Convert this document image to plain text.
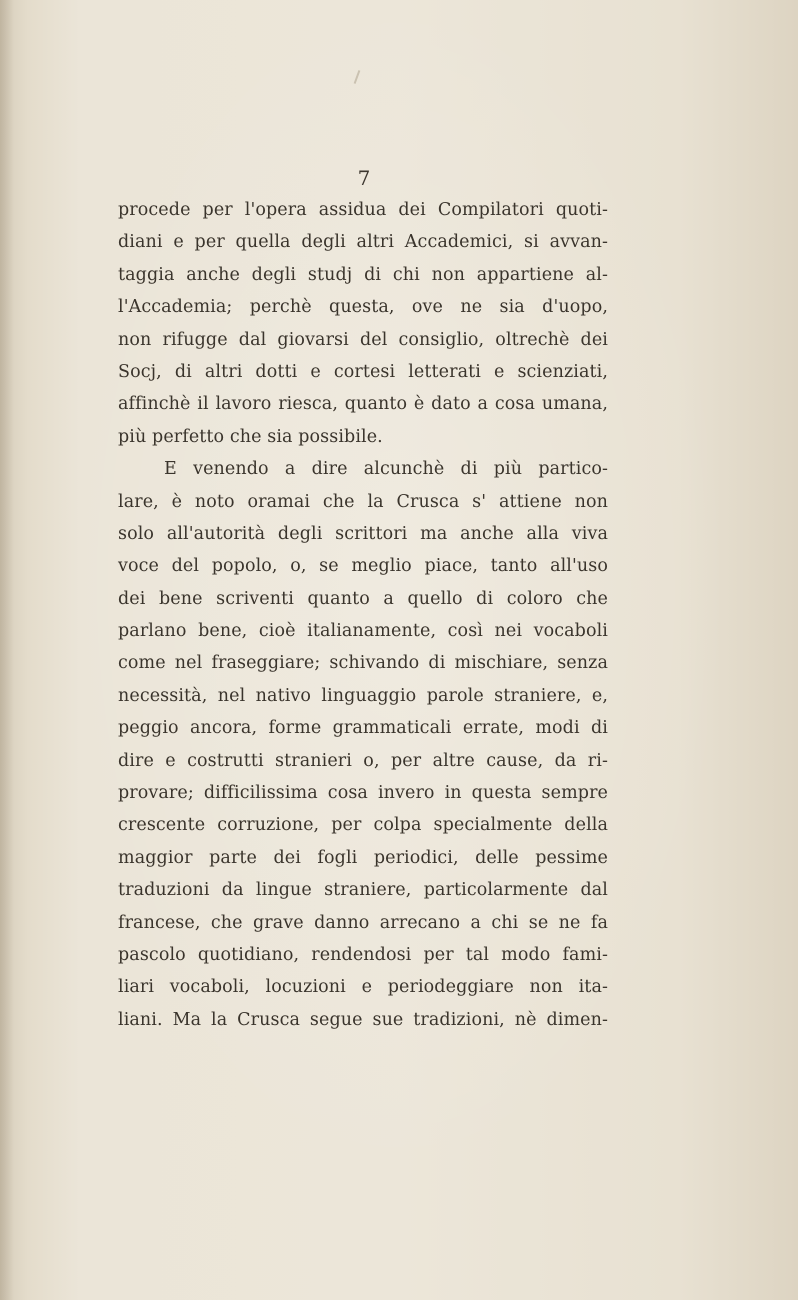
7
procede per l'opera assidua dei Compilatori quoti-
diani e per quella degli altri Accademici, si avvan-
taggia anche degli studj di chi non appartiene al-
l'Accademia; perchè questa, ove ne sia d'uopo,
non rifugge dal giovarsi del consiglio, oltrechè dei
Socj, di altri dotti e cortesi letterati e scienziati,
affinchè il lavoro riesca, quanto è dato a cosa umana,
più perfetto che sia possibile.
E venendo a dire alcunchè di più partico-
lare, è noto oramai che la Crusca s' attiene non
solo all'autorità degli scrittori ma anche alla viva
voce del popolo, o, se meglio piace, tanto all'uso
dei bene scriventi quanto a quello di coloro che
parlano bene, cioè italianamente, così nei vocaboli
come nel fraseggiare; schivando di mischiare, senza
necessità, nel nativo linguaggio parole straniere, e,
peggio ancora, forme grammaticali errate, modi di
dire e costrutti stranieri o, per altre cause, da ri-
provare; difficilissima cosa invero in questa sempre
crescente corruzione, per colpa specialmente della
maggior parte dei fogli periodici, delle pessime
traduzioni da lingue straniere, particolarmente dal
francese, che grave danno arrecano a chi se ne fa
pascolo quotidiano, rendendosi per tal modo fami-
liari vocaboli, locuzioni e periodeggiare non ita-
liani. Ma la Crusca segue sue tradizioni, nè dimen-
